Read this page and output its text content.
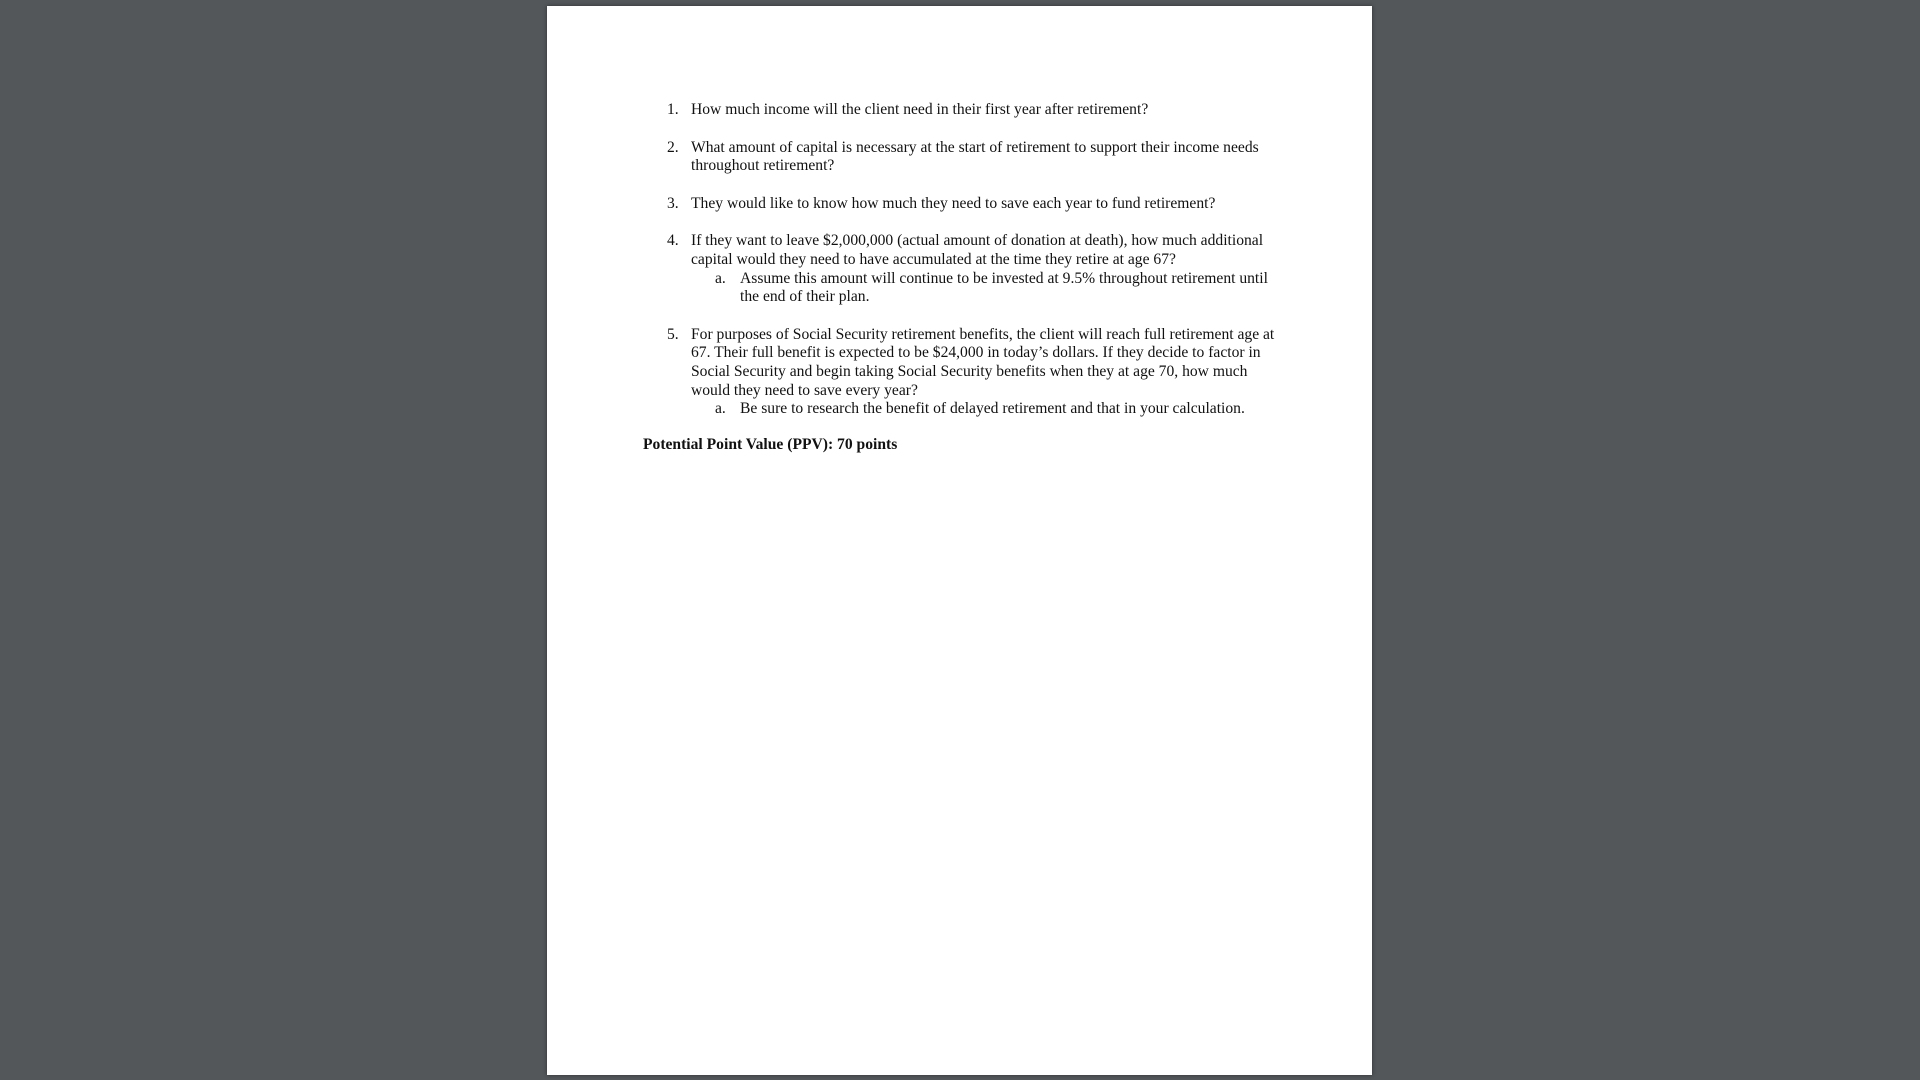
1. How much income will the client need in their first year after retirement?
2. What amount of capital is necessary at the start of retirement to support their income needs throughout retirement?
3. They would like to know how much they need to save each year to fund retirement?
4. If they want to leave $2,000,000 (actual amount of donation at death), how much additional capital would they need to have accumulated at the time they retire at age 67?
a. Assume this amount will continue to be invested at 9.5% throughout retirement until the end of their plan.
5. For purposes of Social Security retirement benefits, the client will reach full retirement age at 67. Their full benefit is expected to be $24,000 in today’s dollars. If they decide to factor in Social Security and begin taking Social Security benefits when they at age 70, how much would they need to save every year?
a. Be sure to research the benefit of delayed retirement and that in your calculation.
Potential Point Value (PPV): 70 points
